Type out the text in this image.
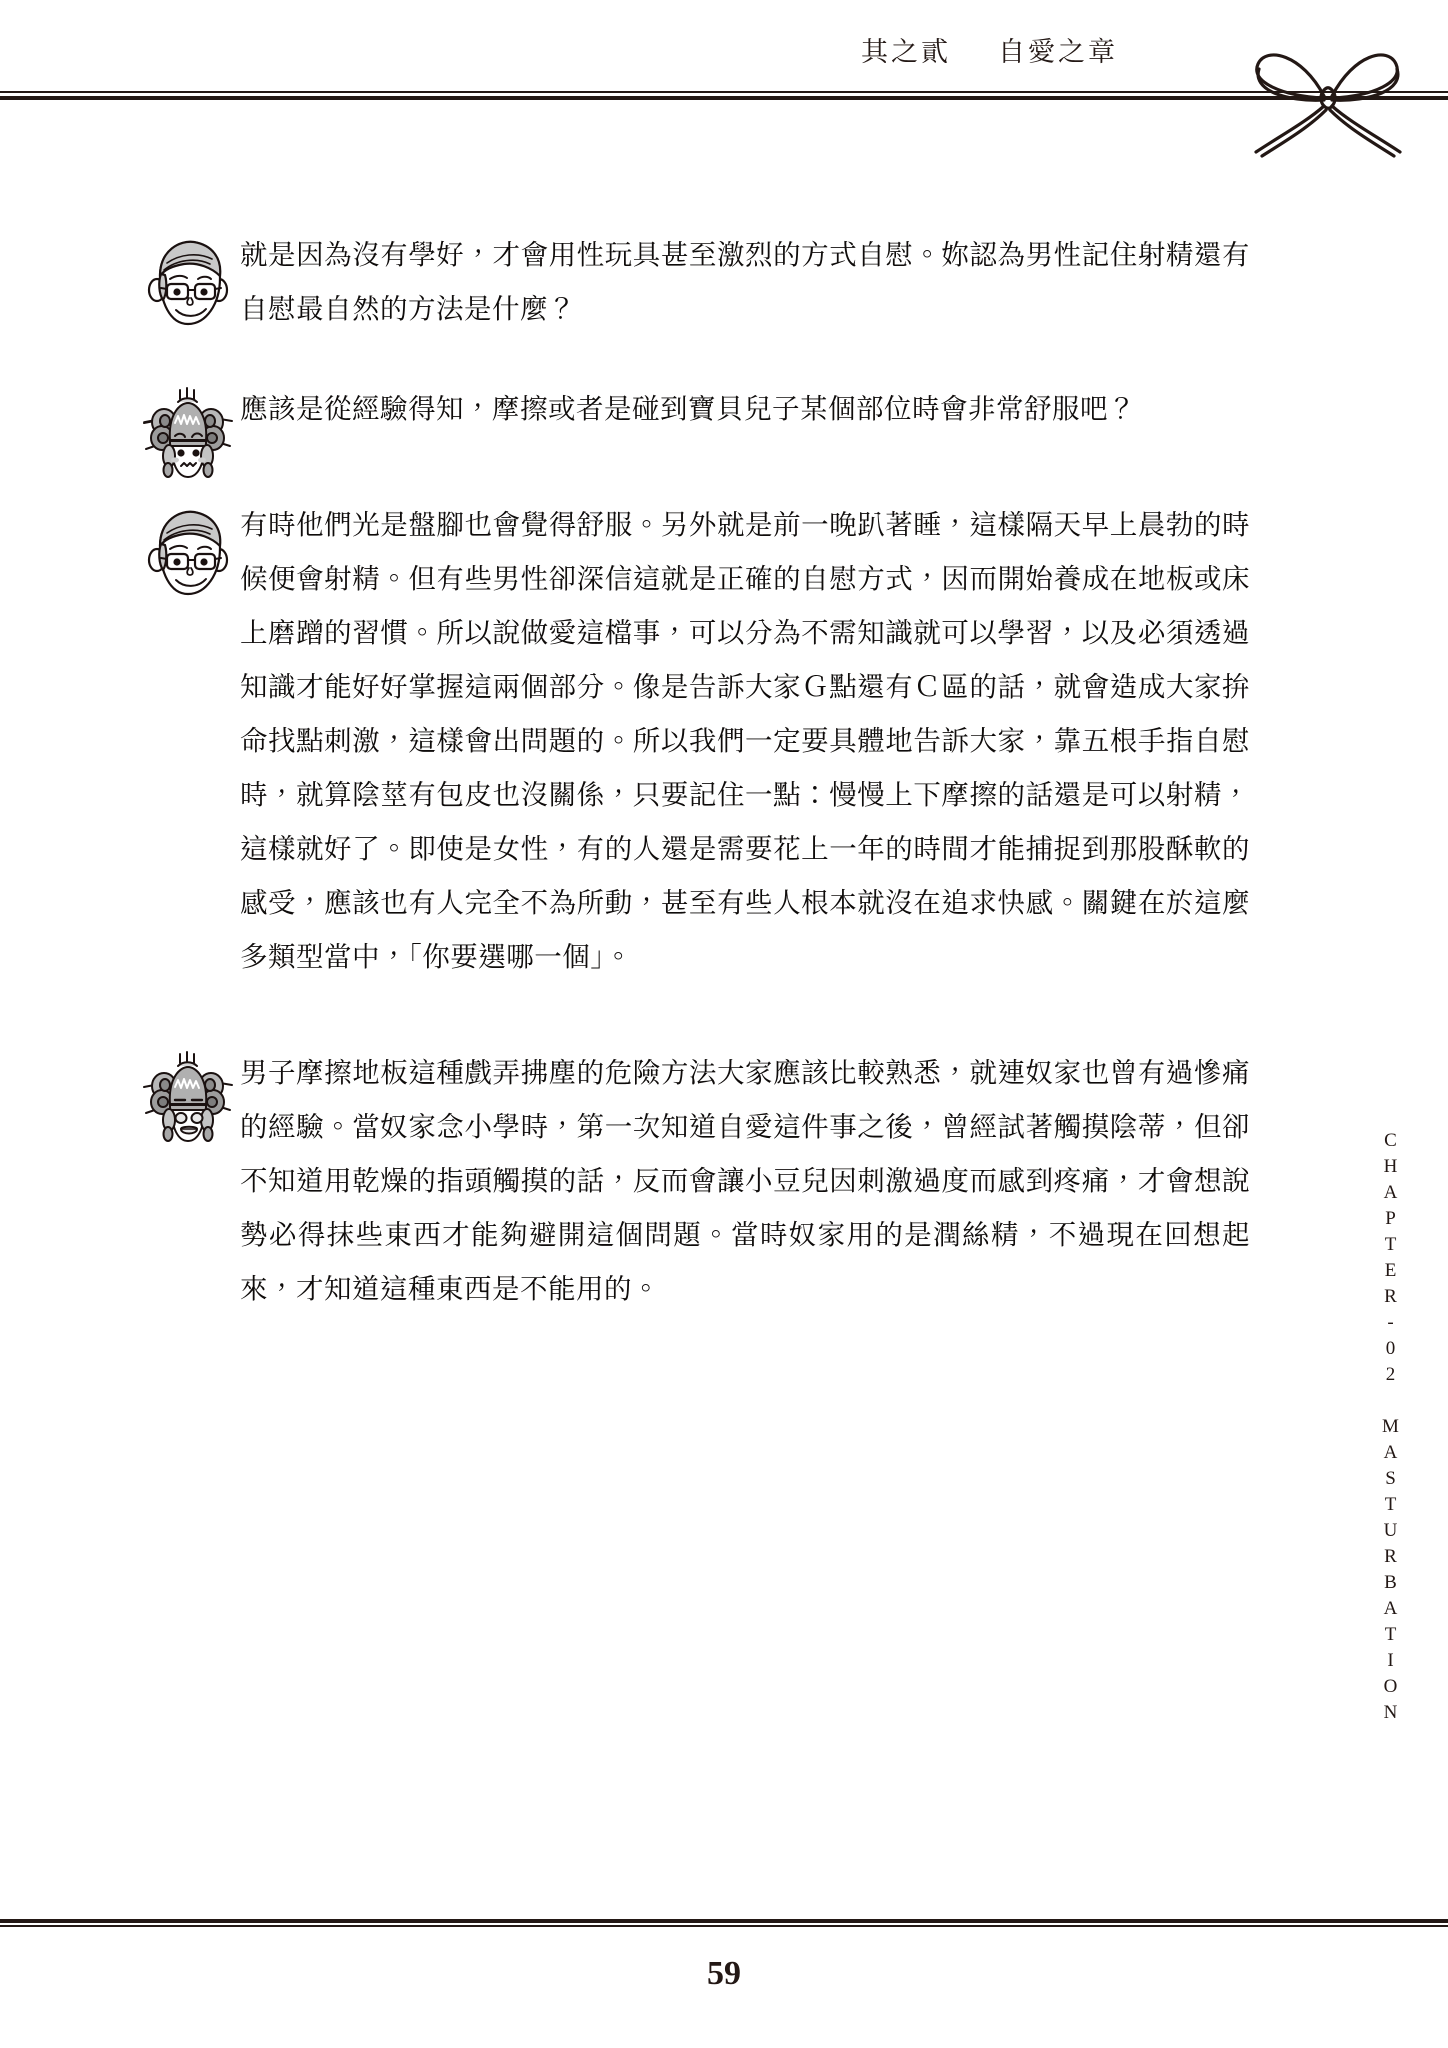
其之貳 自愛之章
CHAPTER-02 MASTURBATION
就是因為沒有學好，才會用性玩具甚至激烈的方式自慰。妳認為男性記住射精還有自慰最自然的方法是什麼？
應該是從經驗得知，摩擦或者是碰到寶貝兒子某個部位時會非常舒服吧？
有時他們光是盤腳也會覺得舒服。另外就是前一晚趴著睡，這樣隔天早上晨勃的時候便會射精。但有些男性卻深信這就是正確的自慰方式，因而開始養成在地板或床上磨蹭的習慣。所以說做愛這檔事，可以分為不需知識就可以學習，以及必須透過知識才能好好掌握這兩個部分。像是告訴大家Ｇ點還有Ｃ區的話，就會造成大家拚命找點刺激，這樣會出問題的。所以我們一定要具體地告訴大家，靠五根手指自慰時，就算陰莖有包皮也沒關係，只要記住一點：慢慢上下摩擦的話還是可以射精，這樣就好了。即使是女性，有的人還是需要花上一年的時間才能捕捉到那股酥軟的感受，應該也有人完全不為所動，甚至有些人根本就沒在追求快感。關鍵在於這麼多類型當中，「你要選哪一個」。
男子摩擦地板這種戲弄拂塵的危險方法大家應該比較熟悉，就連奴家也曾有過慘痛的經驗。當奴家念小學時，第一次知道自愛這件事之後，曾經試著觸摸陰蒂，但卻不知道用乾燥的指頭觸摸的話，反而會讓小豆兒因刺激過度而感到疼痛，才會想說勢必得抹些東西才能夠避開這個問題。當時奴家用的是潤絲精，不過現在回想起來，才知道這種東西是不能用的。
59
